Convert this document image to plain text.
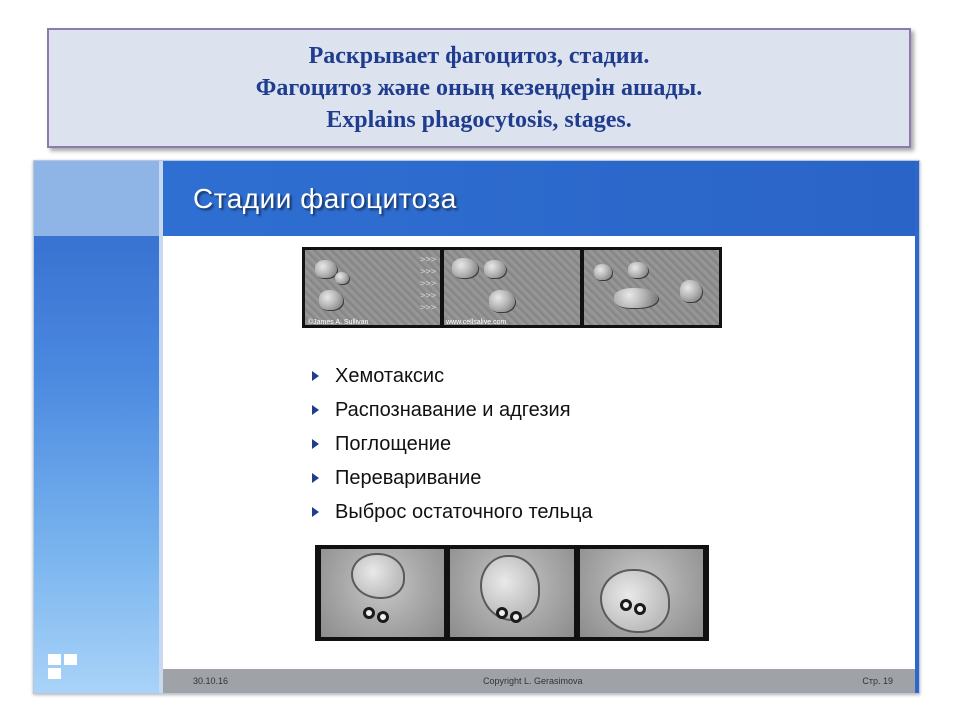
Раскрывает фагоцитоз, стадии.
Фагоцитоз және оның кезеңдерін ашады.
Explains phagocytosis, stages.
Стадии фагоцитоза
>>>
>>>
>>>
>>>
>>>
©James A. Sullivan	www.cellsalive.com
Хемотаксис
Распознавание и адгезия
Поглощение
Переваривание
Выброс остаточного тельца
30.10.16	Copyright L. Gerasimova	Стр. 19
